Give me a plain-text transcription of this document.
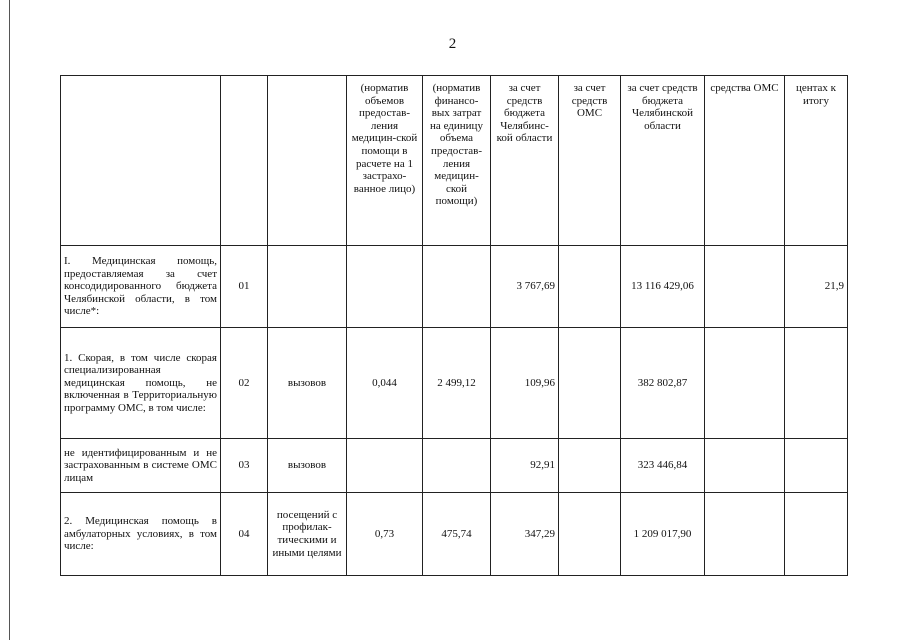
2
			(норматив объемов предостав-ления медицин-ской помощи в расчете на 1 застрахо-ванное лицо)	(норматив финансо-вых затрат на единицу объема предостав-ления медицин-ской помощи)	за счет средств бюджета Челябинс-кой области	за счет средств ОМС	за счет средств бюджета Челябинской области	средства ОМС	центах к итогу
I. Медицинская помощь, предоставляемая за счет консодидированного бюджета Челябинской области, в том числе*:	01				3 767,69		13 116 429,06		21,9
1. Скорая, в том числе скорая специализированная медицинская помощь, не включенная в Территориальную программу ОМС, в том числе:	02	вызовов	0,044	2 499,12	109,96		382 802,87		
не идентифицированным и не застрахованным в системе ОМС лицам	03	вызовов			92,91		323 446,84		
2. Медицинская помощь в амбулаторных условиях, в том числе:	04	посещений с профилак-тическими и иными целями	0,73	475,74	347,29		1 209 017,90		
